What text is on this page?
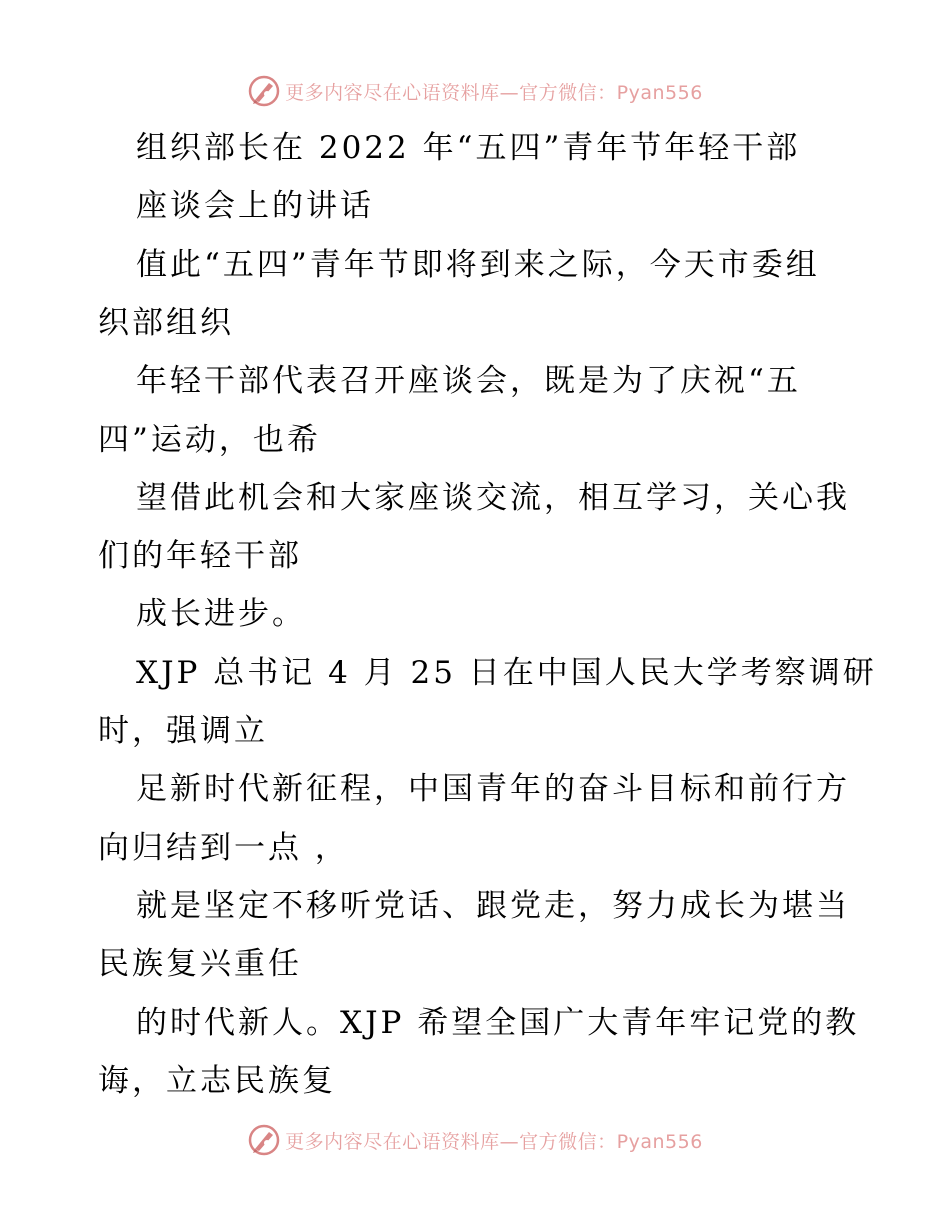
更多内容尽在心语资料库—官方微信：Pyan556
组织部长在 2022 年“五四”青年节年轻干部
座谈会上的讲话
值此“五四”青年节即将到来之际，今天市委组
织部组织
年轻干部代表召开座谈会，既是为了庆祝“五
四”运动，也希
望借此机会和大家座谈交流，相互学习，关心我
们的年轻干部
成长进步。
XJP 总书记 4 月 25 日在中国人民大学考察调研
时，强调立
足新时代新征程，中国青年的奋斗目标和前行方
向归结到一点 ，
就是坚定不移听党话、跟党走，努力成长为堪当
民族复兴重任
的时代新人。XJP 希望全国广大青年牢记党的教
诲，立志民族复
更多内容尽在心语资料库—官方微信：Pyan556
